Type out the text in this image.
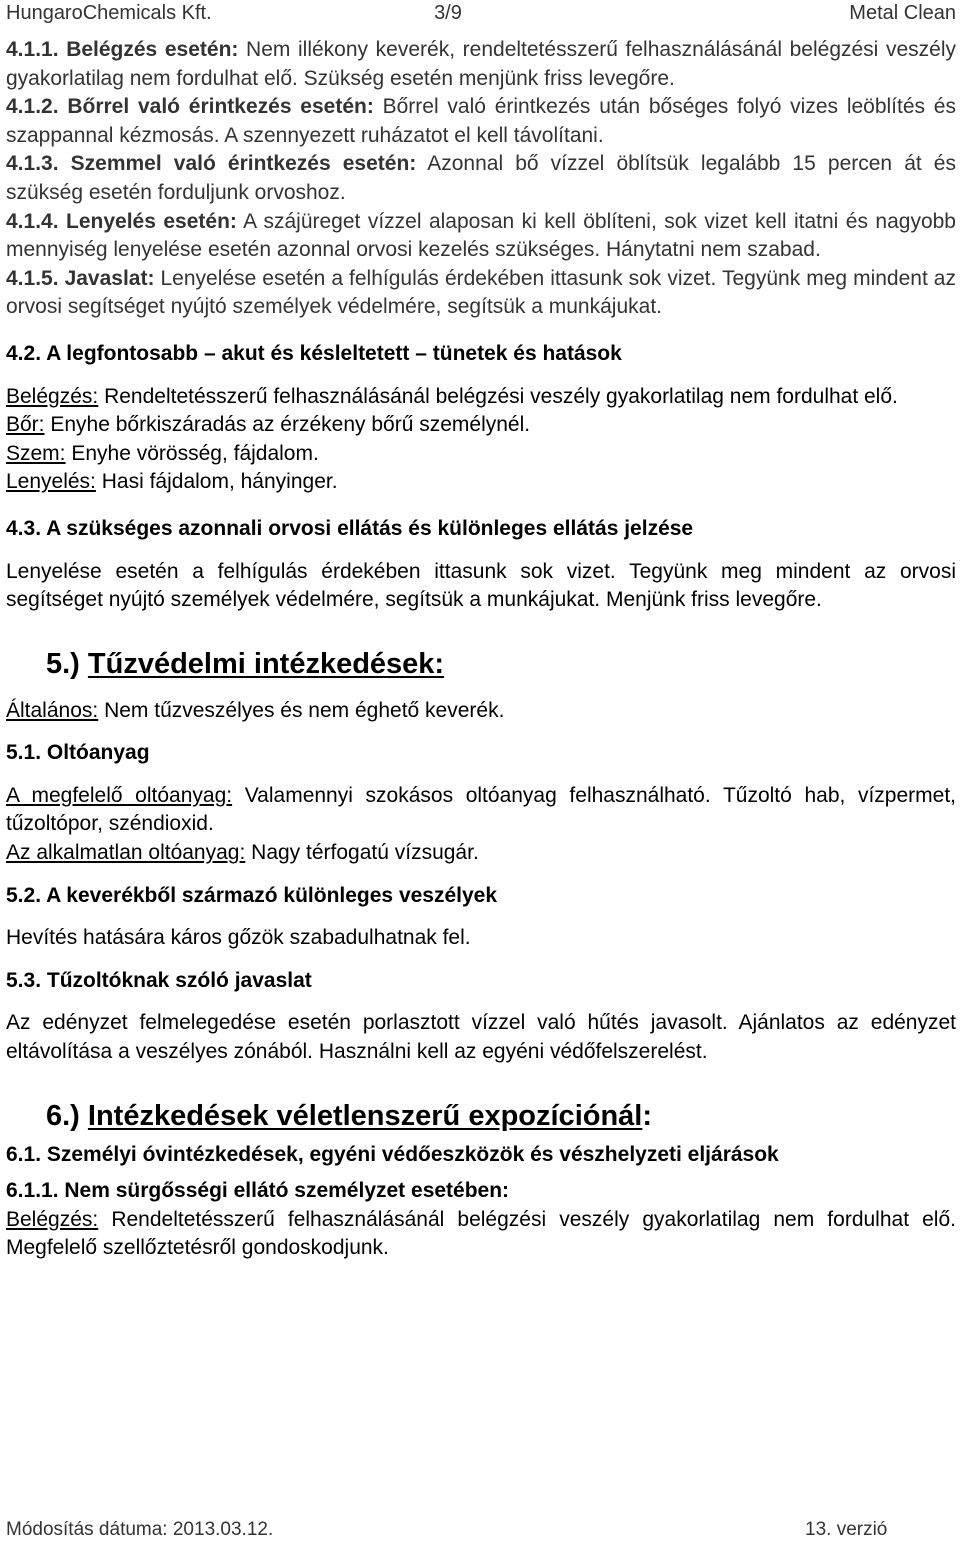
HungaroChemicals Kft.	3/9	Metal Clean

4.1.1. Belégzés esetén: Nem illékony keverék, rendeltetésszerű felhasználásánál belégzési veszély gyakorlatilag nem fordulhat elő. Szükség esetén menjünk friss levegőre.

4.1.2. Bőrrel való érintkezés esetén: Bőrrel való érintkezés után bőséges folyó vizes leöblítés és szappannal kézmosás. A szennyezett ruházatot el kell távolítani.

4.1.3. Szemmel való érintkezés esetén: Azonnal bő vízzel öblítsük legalább 15 percen át és szükség esetén forduljunk orvoshoz.

4.1.4. Lenyelés esetén: A szájüreget vízzel alaposan ki kell öblíteni, sok vizet kell itatni és nagyobb mennyiség lenyelése esetén azonnal orvosi kezelés szükséges. Hánytatni nem szabad.

4.1.5. Javaslat: Lenyelése esetén a felhígulás érdekében ittasunk sok vizet. Tegyünk meg mindent az orvosi segítséget nyújtó személyek védelmére, segítsük a munkájukat.

4.2. A legfontosabb – akut és késleltetett – tünetek és hatások

Belégzés: Rendeltetésszerű felhasználásánál belégzési veszély gyakorlatilag nem fordulhat elő.

Bőr: Enyhe bőrkiszáradás az érzékeny bőrű személynél.

Szem: Enyhe vörösség, fájdalom.

Lenyelés: Hasi fájdalom, hányinger.

4.3. A szükséges azonnali orvosi ellátás és különleges ellátás jelzése

Lenyelése esetén a felhígulás érdekében ittasunk sok vizet. Tegyünk meg mindent az orvosi segítséget nyújtó személyek védelmére, segítsük a munkájukat. Menjünk friss levegőre.

5.) Tűzvédelmi intézkedések:

Általános: Nem tűzveszélyes és nem éghető keverék.

5.1. Oltóanyag

A megfelelő oltóanyag: Valamennyi szokásos oltóanyag felhasználható. Tűzoltó hab, vízpermet, tűzoltópor, széndioxid.

Az alkalmatlan oltóanyag: Nagy térfogatú vízsugár.

5.2. A keverékből származó különleges veszélyek

Hevítés hatására káros gőzök szabadulhatnak fel.

5.3. Tűzoltóknak szóló javaslat

Az edényzet felmelegedése esetén porlasztott vízzel való hűtés javasolt. Ajánlatos az edényzet eltávolítása a veszélyes zónából. Használni kell az egyéni védőfelszerelést.

6.) Intézkedések véletlenszerű expozíciónál:

6.1. Személyi óvintézkedések, egyéni védőeszközök és vészhelyzeti eljárások

6.1.1. Nem sürgősségi ellátó személyzet esetében:

Belégzés: Rendeltetésszerű felhasználásánál belégzési veszély gyakorlatilag nem fordulhat elő. Megfelelő szellőztetésről gondoskodjunk.

Módosítás dátuma: 2013.03.12.	13. verzió
